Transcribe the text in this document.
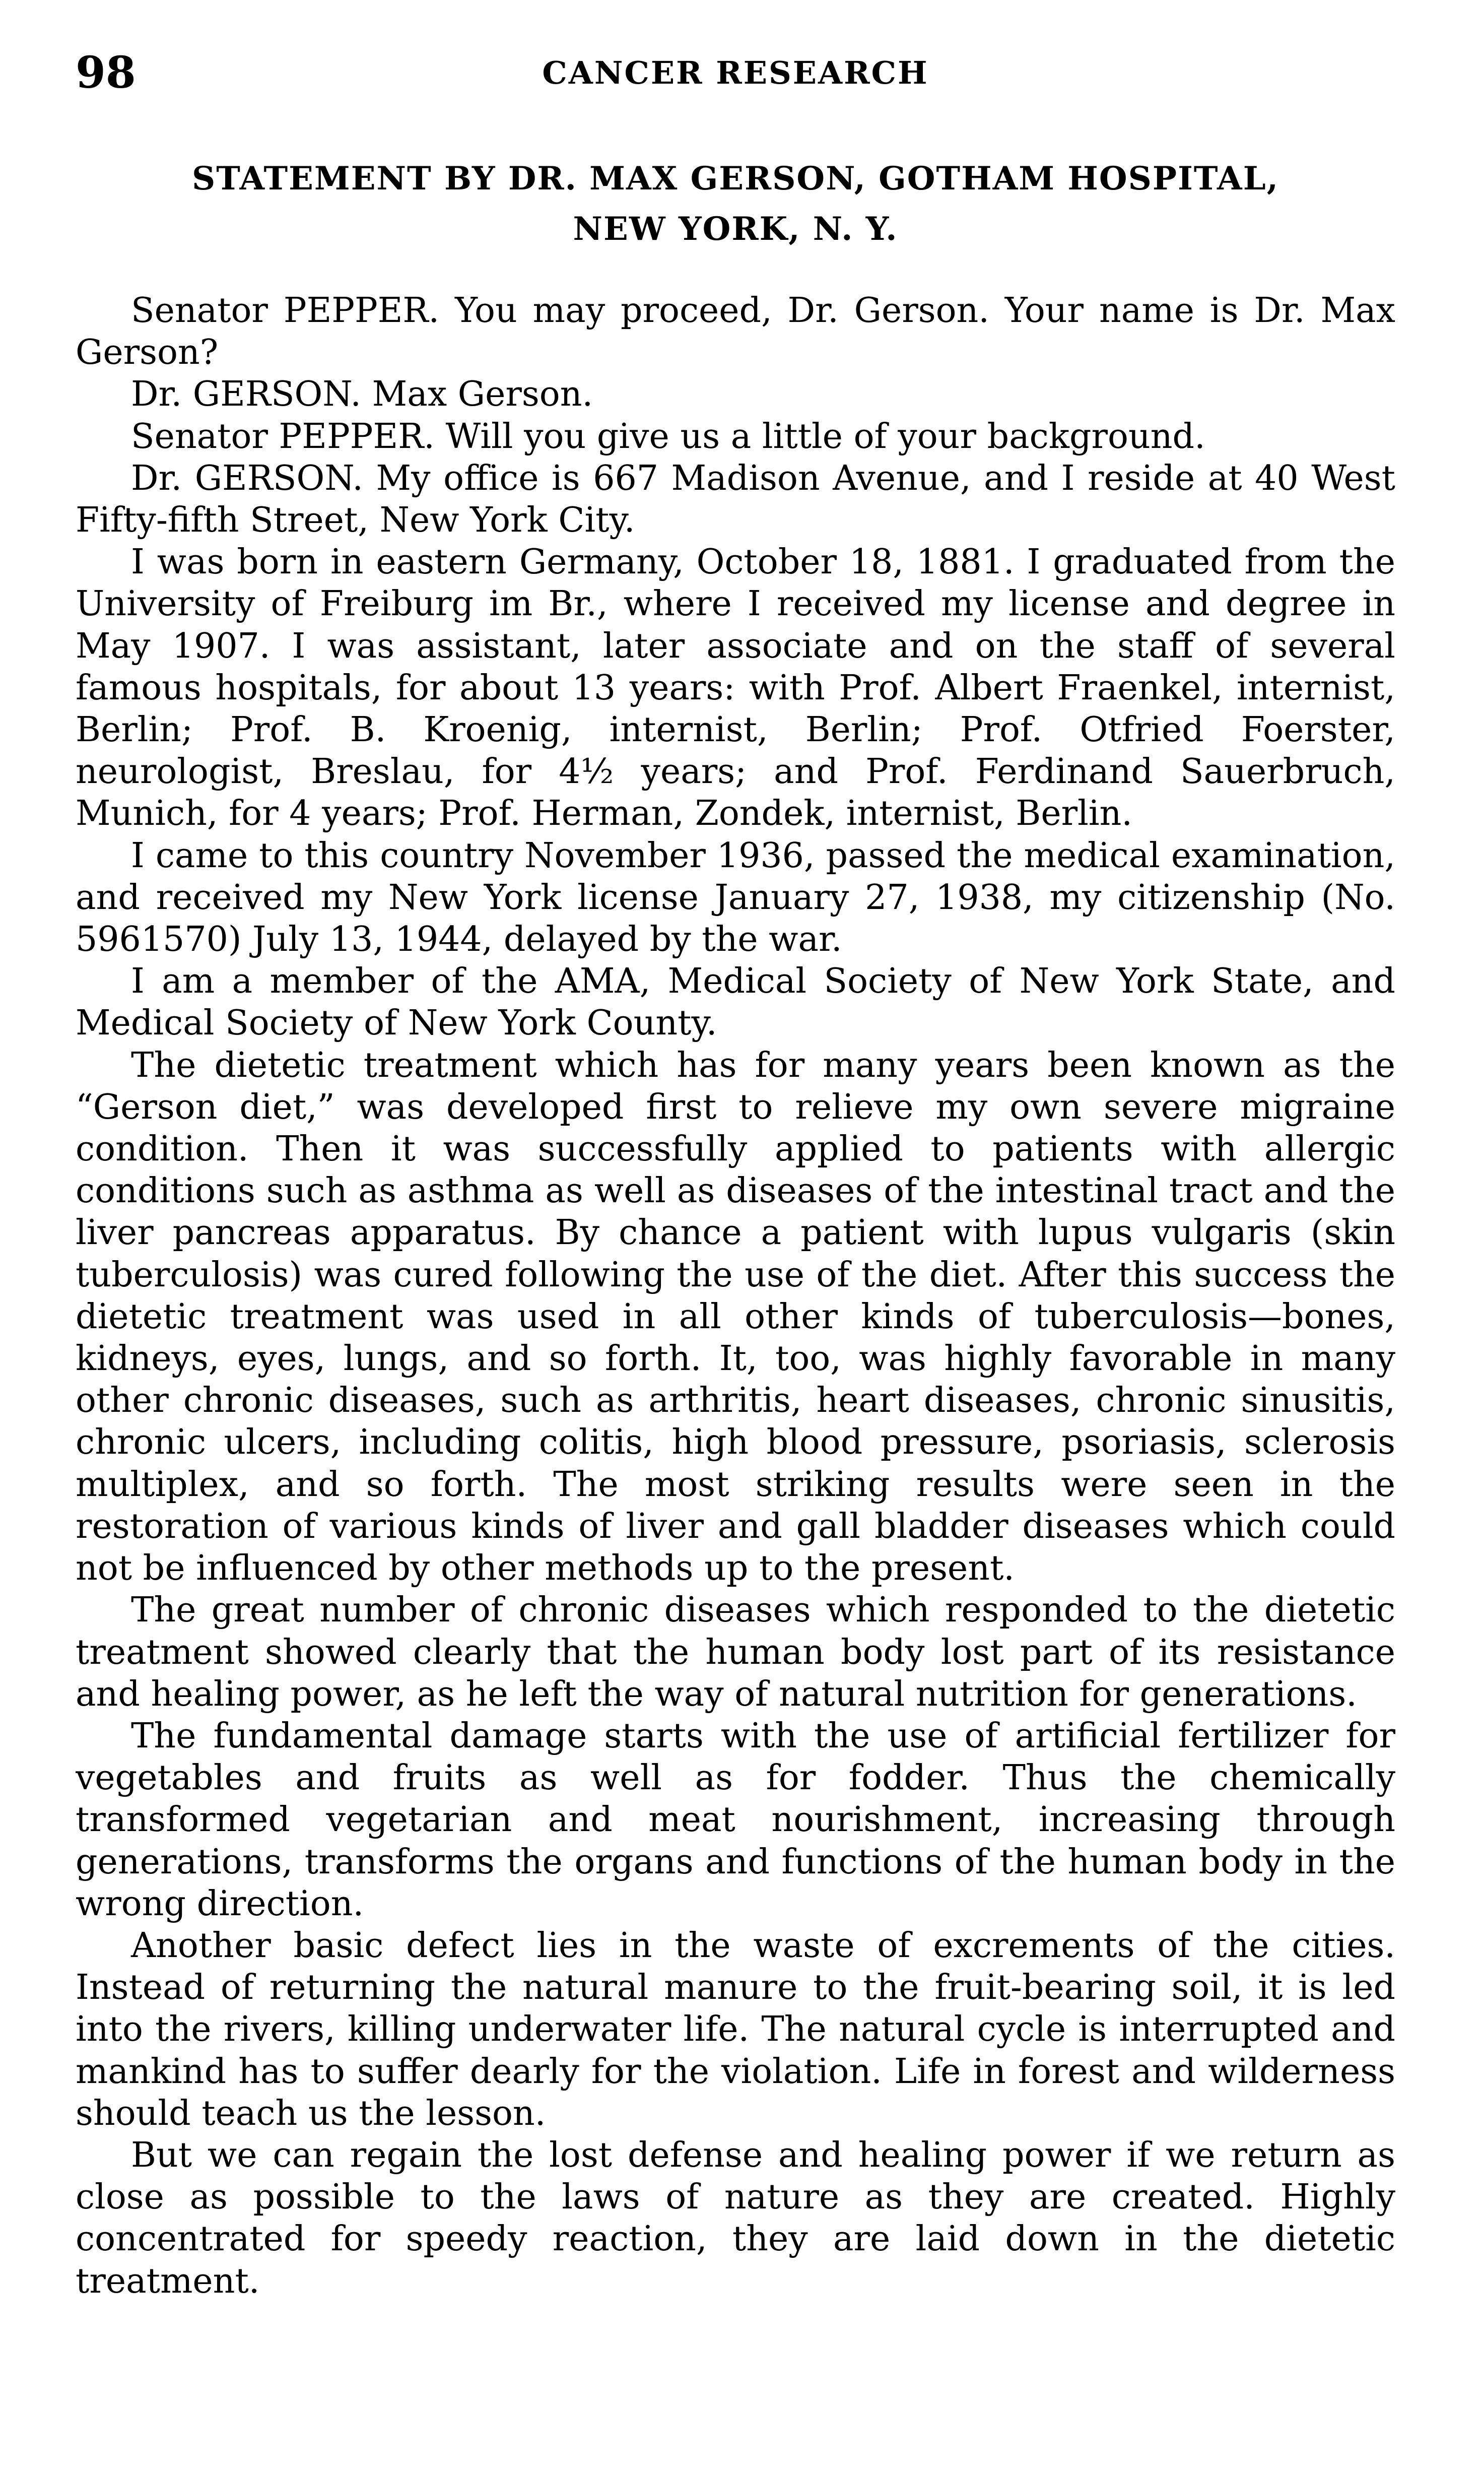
98	CANCER RESEARCH
STATEMENT BY DR. MAX GERSON, GOTHAM HOSPITAL,
NEW YORK, N. Y.

Senator PEPPER. You may proceed, Dr. Gerson. Your name is Dr. Max Gerson?

Dr. GERSON. Max Gerson.

Senator PEPPER. Will you give us a little of your background.

Dr. GERSON. My office is 667 Madison Avenue, and I reside at 40 West Fifty-fifth Street, New York City.

I was born in eastern Germany, October 18, 1881. I graduated from the University of Freiburg im Br., where I received my license and degree in May 1907. I was assistant, later associate and on the staff of several famous hospitals, for about 13 years: with Prof. Albert Fraenkel, internist, Berlin; Prof. B. Kroenig, internist, Berlin; Prof. Otfried Foerster, neurologist, Breslau, for 4½ years; and Prof. Ferdinand Sauerbruch, Munich, for 4 years; Prof. Herman, Zondek, internist, Berlin.

I came to this country November 1936, passed the medical examination, and received my New York license January 27, 1938, my citizenship (No. 5961570) July 13, 1944, delayed by the war.

I am a member of the AMA, Medical Society of New York State, and Medical Society of New York County.

The dietetic treatment which has for many years been known as the “Gerson diet,” was developed first to relieve my own severe migraine condition. Then it was successfully applied to patients with allergic conditions such as asthma as well as diseases of the intestinal tract and the liver pancreas apparatus. By chance a patient with lupus vulgaris (skin tuberculosis) was cured following the use of the diet. After this success the dietetic treatment was used in all other kinds of tuberculosis—bones, kidneys, eyes, lungs, and so forth. It, too, was highly favorable in many other chronic diseases, such as arthritis, heart diseases, chronic sinusitis, chronic ulcers, including colitis, high blood pressure, psoriasis, sclerosis multiplex, and so forth. The most striking results were seen in the restoration of various kinds of liver and gall bladder diseases which could not be influenced by other methods up to the present.

The great number of chronic diseases which responded to the dietetic treatment showed clearly that the human body lost part of its resistance and healing power, as he left the way of natural nutrition for generations.

The fundamental damage starts with the use of artificial fertilizer for vegetables and fruits as well as for fodder. Thus the chemically transformed vegetarian and meat nourishment, increasing through generations, transforms the organs and functions of the human body in the wrong direction.

Another basic defect lies in the waste of excrements of the cities. Instead of returning the natural manure to the fruit-bearing soil, it is led into the rivers, killing underwater life. The natural cycle is interrupted and mankind has to suffer dearly for the violation. Life in forest and wilderness should teach us the lesson.

But we can regain the lost defense and healing power if we return as close as possible to the laws of nature as they are created. Highly concentrated for speedy reaction, they are laid down in the dietetic treatment.
